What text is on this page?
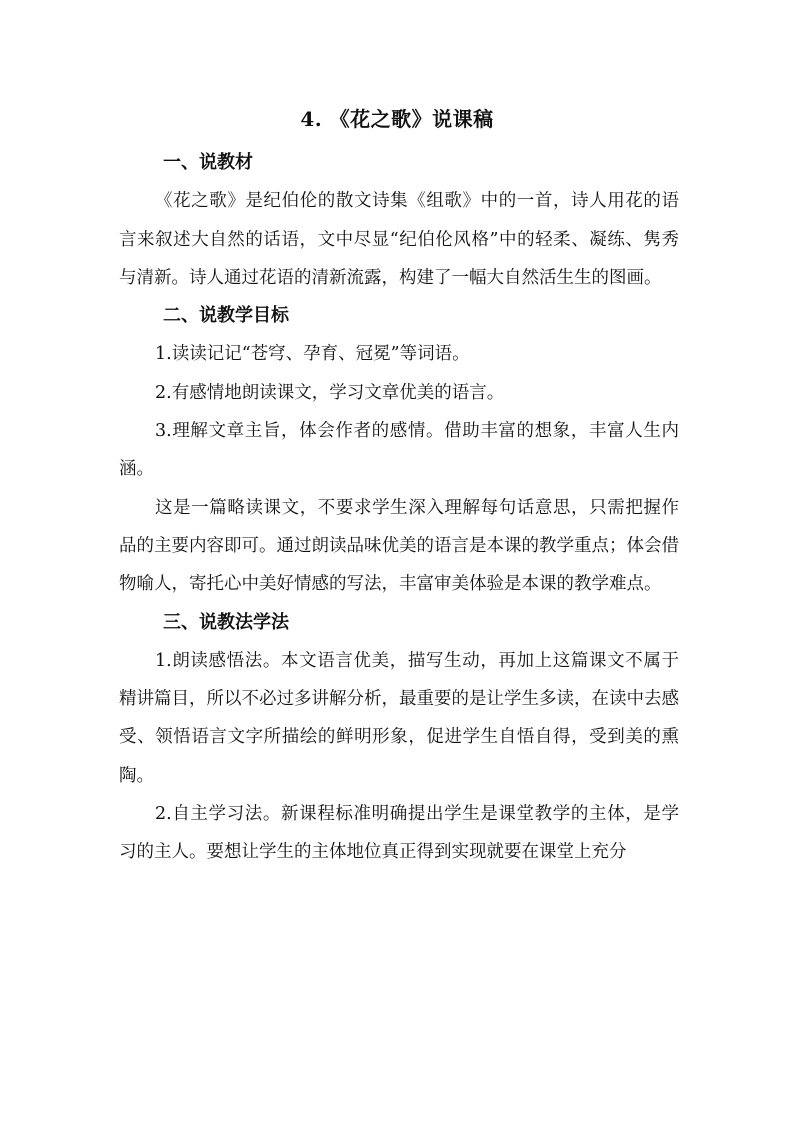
4. 《花之歌》说课稿

一、说教材

《花之歌》是纪伯伦的散文诗集《组歌》中的一首，诗人用花的语言来叙述大自然的话语，文中尽显“纪伯伦风格”中的轻柔、凝练、隽秀与清新。诗人通过花语的清新流露，构建了一幅大自然活生生的图画。

二、说教学目标

1.读读记记“苍穹、孕育、冠冕”等词语。

2.有感情地朗读课文，学习文章优美的语言。

3.理解文章主旨，体会作者的感情。借助丰富的想象，丰富人生内涵。

这是一篇略读课文，不要求学生深入理解每句话意思，只需把握作品的主要内容即可。通过朗读品味优美的语言是本课的教学重点；体会借物喻人，寄托心中美好情感的写法，丰富审美体验是本课的教学难点。

三、说教法学法

1.朗读感悟法。本文语言优美，描写生动，再加上这篇课文不属于精讲篇目，所以不必过多讲解分析，最重要的是让学生多读，在读中去感受、领悟语言文字所描绘的鲜明形象，促进学生自悟自得，受到美的熏陶。

2.自主学习法。新课程标准明确提出学生是课堂教学的主体，是学习的主人。要想让学生的主体地位真正得到实现就要在课堂上充分
